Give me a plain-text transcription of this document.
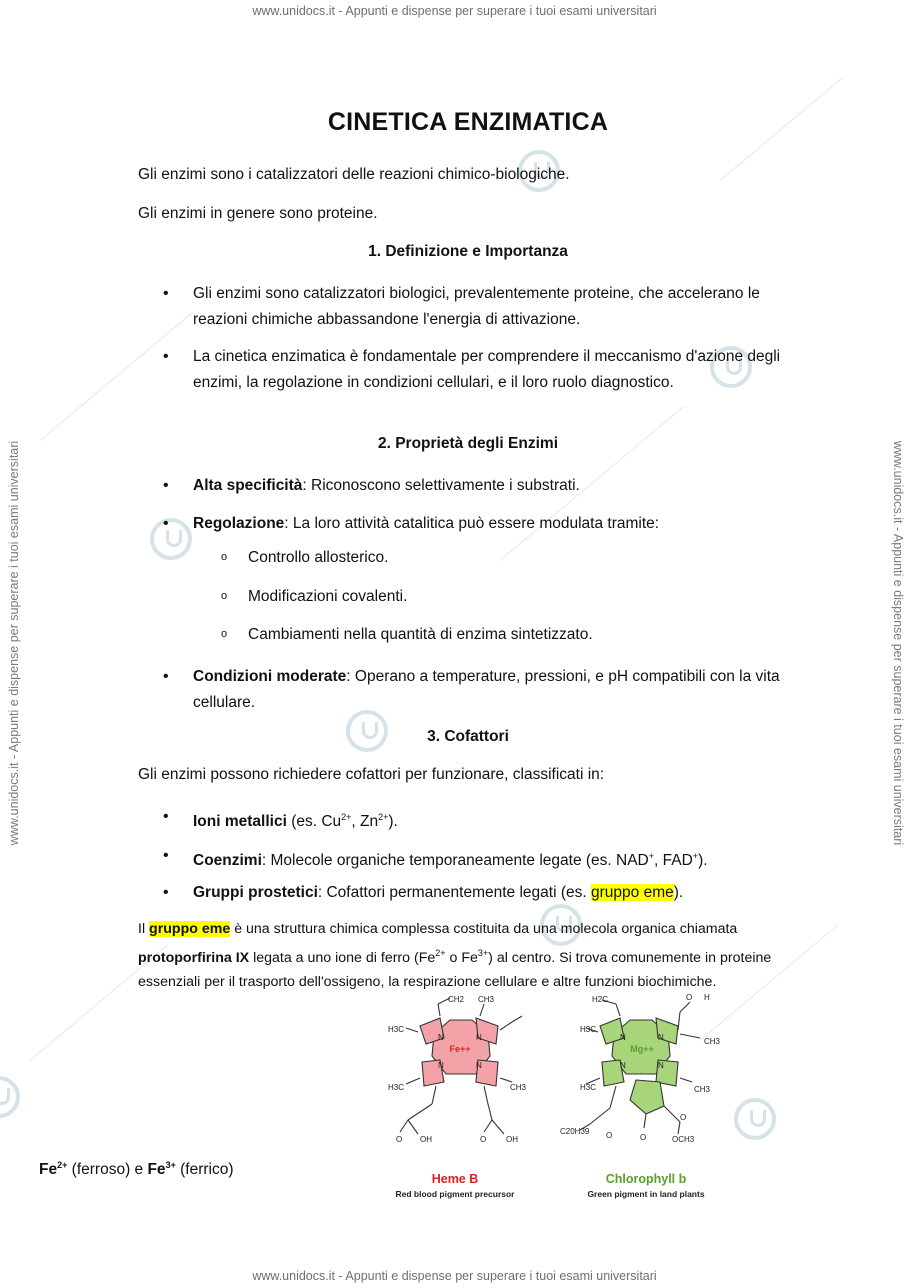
www.unidocs.it - Appunti e dispense per superare i tuoi esami universitari
www.unidocs.it - Appunti e dispense per superare i tuoi esami universitari
www.unidocs.it - Appunti e dispense per superare i tuoi esami universitari	www.unidocs.it - Appunti e dispense per superare i tuoi esami universitari
CINETICA ENZIMATICA
Gli enzimi sono i catalizzatori delle reazioni chimico-biologiche.
Gli enzimi in genere sono proteine.
1. Definizione e Importanza
• Gli enzimi sono catalizzatori biologici, prevalentemente proteine, che accelerano le reazioni chimiche abbassandone l'energia di attivazione.
• La cinetica enzimatica è fondamentale per comprendere il meccanismo d'azione degli enzimi, la regolazione in condizioni cellulari, e il loro ruolo diagnostico.
2. Proprietà degli Enzimi
• Alta specificità: Riconoscono selettivamente i substrati.
• Regolazione: La loro attività catalitica può essere modulata tramite:
o Controllo allosterico.
o Modificazioni covalenti.
o Cambiamenti nella quantità di enzima sintetizzato.
• Condizioni moderate: Operano a temperature, pressioni, e pH compatibili con la vita cellulare.
3. Cofattori
Gli enzimi possono richiedere cofattori per funzionare, classificati in:
• Ioni metallici (es. $Cu^{2+}$, $Zn^{2+}$).
• Coenzimi: Molecole organiche temporaneamente legate (es. NAD+, FAD+).
• Gruppi prostetici: Cofattori permanentemente legati (es. gruppo eme).
Il gruppo eme è una struttura chimica complessa costituita da una molecola organica chiamata protoporfirina IX legata a uno ione di ferro ($Fe^{2+}$ o $Fe^{3+}$) al centro. Si trova comunemente in proteine essenziali per il trasporto dell'ossigeno, la respirazione cellulare e altre funzioni biochimiche.
$Fe^{2+}$ (ferroso) e $Fe^{3+}$ (ferrico)
Fe++
CH2 CH3
H3C
H3C	CH3
N	N
N	N
O OH	O OH
Heme B
Red blood pigment precursor
Mg++
H2C	O H
H3C
CH3
H3C	CH3
N	N
N	N
C20H39 O	O
O
OCH3
Chlorophyll b
Green pigment in land plants
